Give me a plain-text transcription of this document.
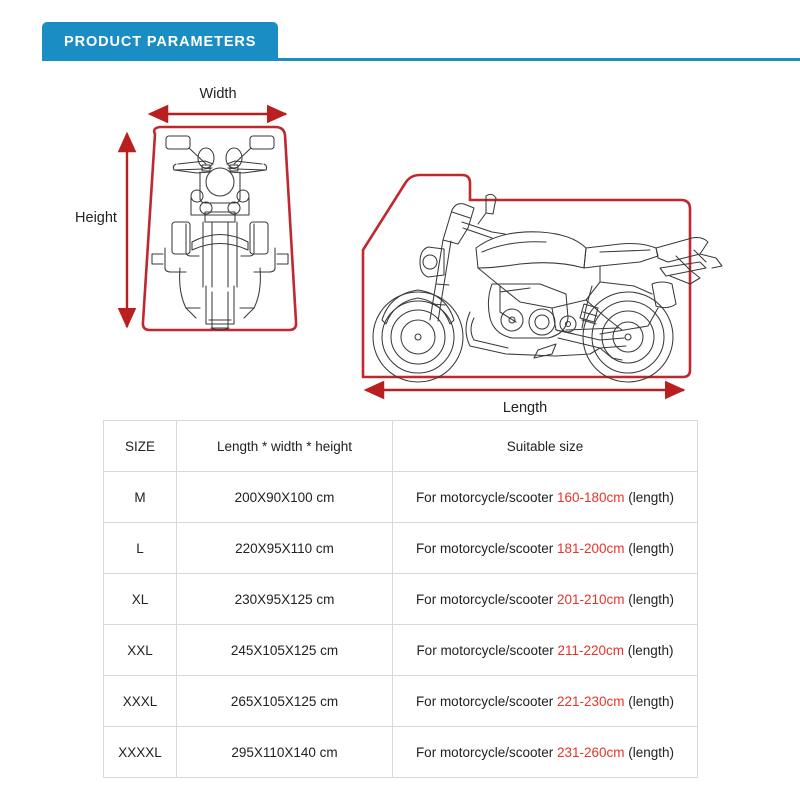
PRODUCT PARAMETERS
Width
Height
Length
SIZE	Length * width * height	Suitable size
M	200X90X100 cm	For motorcycle/scooter 160-180cm (length)
L	220X95X110 cm	For motorcycle/scooter 181-200cm (length)
XL	230X95X125 cm	For motorcycle/scooter 201-210cm (length)
XXL	245X105X125 cm	For motorcycle/scooter 211-220cm (length)
XXXL	265X105X125 cm	For motorcycle/scooter 221-230cm (length)
XXXXL	295X110X140 cm	For motorcycle/scooter 231-260cm (length)
